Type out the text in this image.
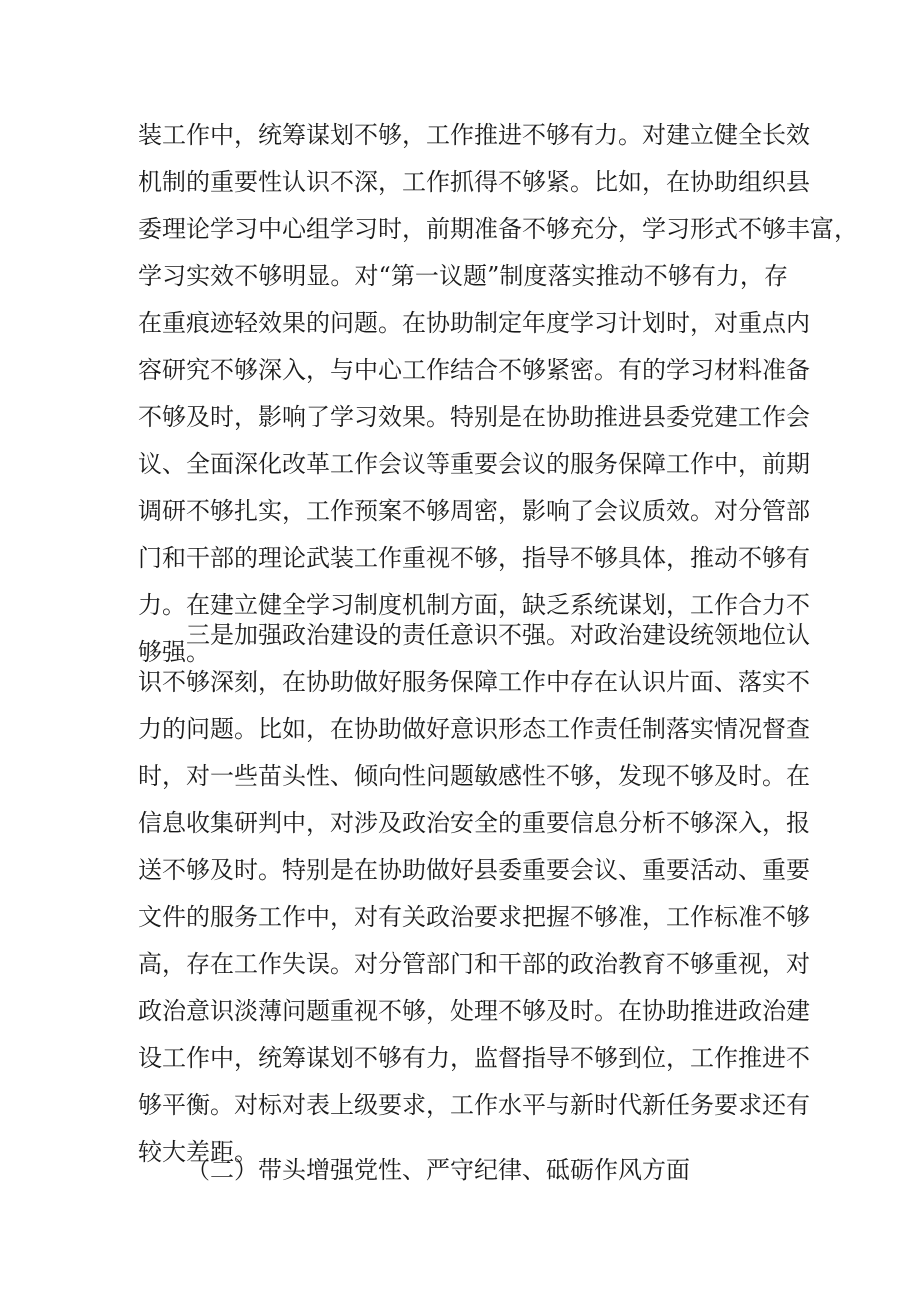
装工作中，统筹谋划不够，工作推进不够有力。对建立健全长效
机制的重要性认识不深，工作抓得不够紧。比如，在协助组织县
委理论学习中心组学习时，前期准备不够充分，学习形式不够丰富，
学习实效不够明显。对“第一议题”制度落实推动不够有力，存
在重痕迹轻效果的问题。在协助制定年度学习计划时，对重点内
容研究不够深入，与中心工作结合不够紧密。有的学习材料准备
不够及时，影响了学习效果。特别是在协助推进县委党建工作会
议、全面深化改革工作会议等重要会议的服务保障工作中，前期
调研不够扎实，工作预案不够周密，影响了会议质效。对分管部
门和干部的理论武装工作重视不够，指导不够具体，推动不够有
力。在建立健全学习制度机制方面，缺乏系统谋划，工作合力不
够强。
三是加强政治建设的责任意识不强。对政治建设统领地位认
识不够深刻，在协助做好服务保障工作中存在认识片面、落实不
力的问题。比如，在协助做好意识形态工作责任制落实情况督查
时，对一些苗头性、倾向性问题敏感性不够，发现不够及时。在
信息收集研判中，对涉及政治安全的重要信息分析不够深入，报
送不够及时。特别是在协助做好县委重要会议、重要活动、重要
文件的服务工作中，对有关政治要求把握不够准，工作标准不够
高，存在工作失误。对分管部门和干部的政治教育不够重视，对
政治意识淡薄问题重视不够，处理不够及时。在协助推进政治建
设工作中，统筹谋划不够有力，监督指导不够到位，工作推进不
够平衡。对标对表上级要求，工作水平与新时代新任务要求还有
较大差距。
（二）带头增强党性、严守纪律、砥砺作风方面
